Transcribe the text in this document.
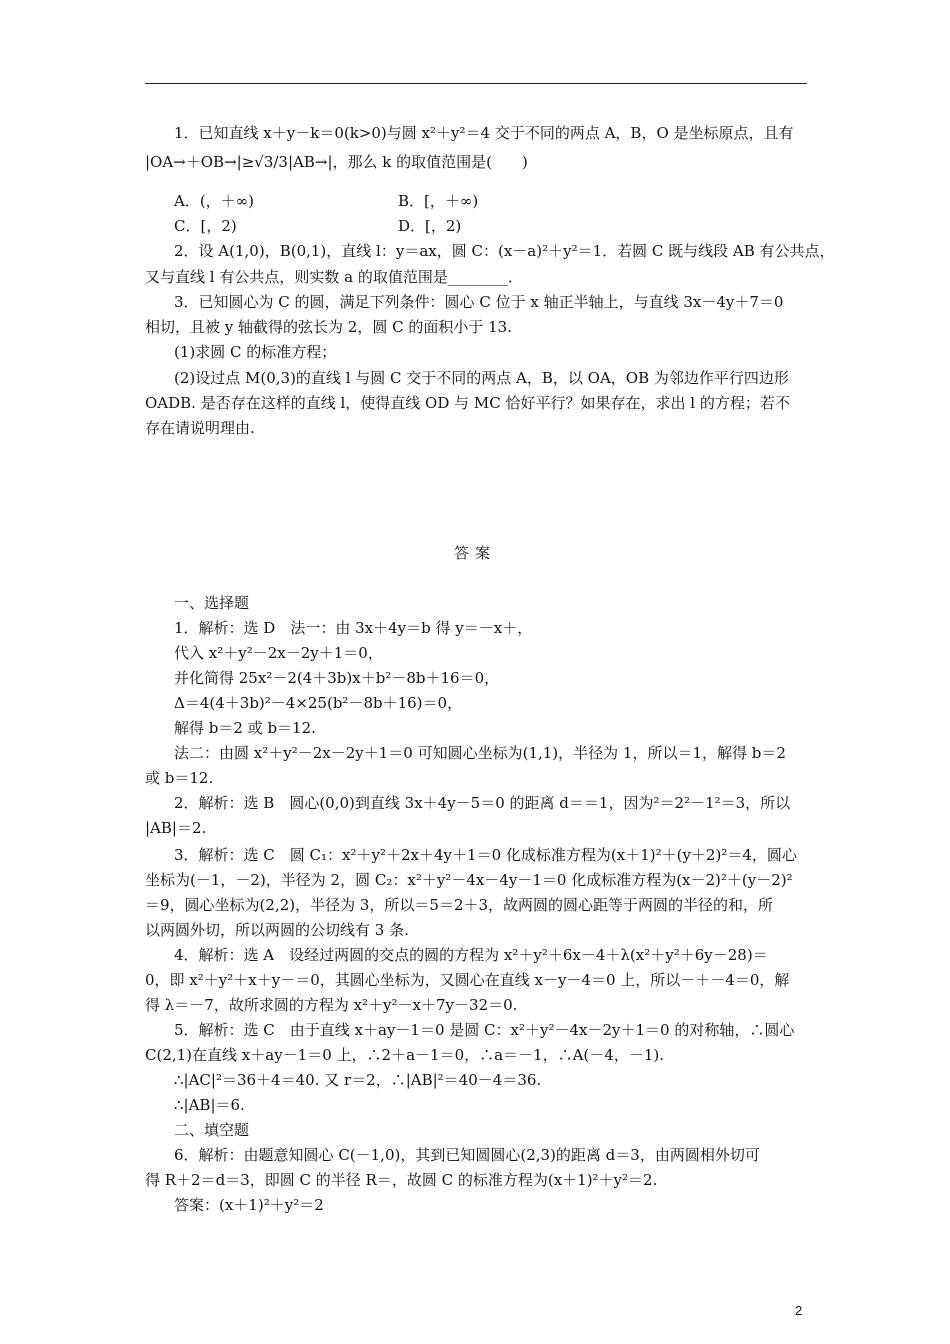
1．已知直线 x＋y－k＝0(k>0)与圆 x²＋y²＝4 交于不同的两点 A，B，O 是坐标原点，且有
|OA→＋OB→|≥√3/3|AB→|，那么 k 的取值范围是(　　)
A．(，＋∞)	B．[，＋∞)
C．[，2)	D．[，2)
2．设 A(1,0)，B(0,1)，直线 l：y＝ax，圆 C：(x－a)²＋y²＝1．若圆 C 既与线段 AB 有公共点，
又与直线 l 有公共点，则实数 a 的取值范围是________．
3．已知圆心为 C 的圆，满足下列条件：圆心 C 位于 x 轴正半轴上，与直线 3x－4y＋7＝0
相切，且被 y 轴截得的弦长为 2，圆 C 的面积小于 13.
(1)求圆 C 的标准方程；
(2)设过点 M(0,3)的直线 l 与圆 C 交于不同的两点 A，B，以 OA，OB 为邻边作平行四边形
OADB. 是否存在这样的直线 l，使得直线 OD 与 MC 恰好平行？如果存在，求出 l 的方程；若不
存在请说明理由.
答案
一、选择题
1．解析：选 D　法一：由 3x＋4y＝b 得 y＝－x＋，
代入 x²＋y²－2x－2y＋1＝0，
并化简得 25x²－2(4＋3b)x＋b²－8b＋16＝0，
Δ＝4(4＋3b)²－4×25(b²－8b＋16)＝0，
解得 b＝2 或 b＝12.
法二：由圆 x²＋y²－2x－2y＋1＝0 可知圆心坐标为(1,1)，半径为 1，所以＝1，解得 b＝2
或 b＝12.
2．解析：选 B　圆心(0,0)到直线 3x＋4y－5＝0 的距离 d＝＝1，因为²＝2²－1²＝3，所以
|AB|＝2.
3．解析：选 C　圆 C₁：x²＋y²＋2x＋4y＋1＝0 化成标准方程为(x＋1)²＋(y＋2)²＝4，圆心
坐标为(－1，－2)，半径为 2，圆 C₂：x²＋y²－4x－4y－1＝0 化成标准方程为(x－2)²＋(y－2)²
＝9，圆心坐标为(2,2)，半径为 3，所以＝5＝2＋3，故两圆的圆心距等于两圆的半径的和，所
以两圆外切，所以两圆的公切线有 3 条.
4．解析：选 A　设经过两圆的交点的圆的方程为 x²＋y²＋6x－4＋λ(x²＋y²＋6y－28)＝
0，即 x²＋y²＋x＋y－＝0，其圆心坐标为，又圆心在直线 x－y－4＝0 上，所以－＋－4＝0，解
得 λ＝－7，故所求圆的方程为 x²＋y²－x＋7y－32＝0.
5．解析：选 C　由于直线 x＋ay－1＝0 是圆 C：x²＋y²－4x－2y＋1＝0 的对称轴，∴圆心
C(2,1)在直线 x＋ay－1＝0 上，∴2＋a－1＝0，∴a＝－1，∴A(－4，－1).
∴|AC|²＝36＋4＝40. 又 r＝2，∴|AB|²＝40－4＝36.
∴|AB|＝6.
二、填空题
6．解析：由题意知圆心 C(－1,0)，其到已知圆圆心(2,3)的距离 d＝3，由两圆相外切可
得 R＋2＝d＝3，即圆 C 的半径 R＝，故圆 C 的标准方程为(x＋1)²＋y²＝2.
答案：(x＋1)²＋y²＝2
2
